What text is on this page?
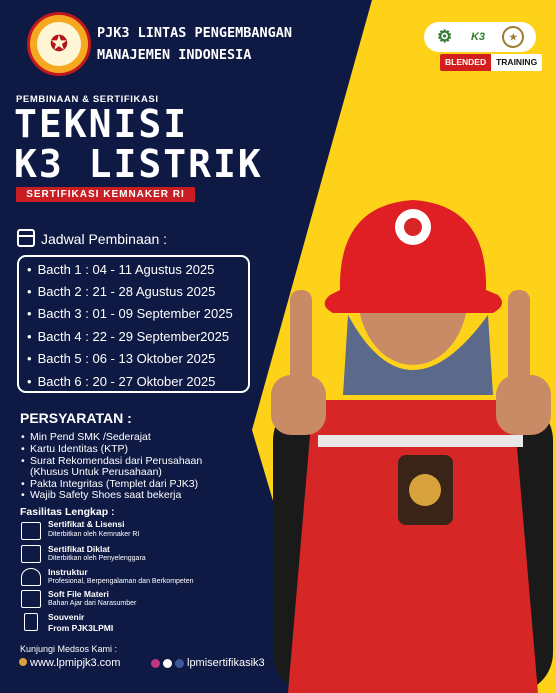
✪	PJK3 LINTAS PENGEMBANGAN
MANAJEMEN INDONESIA
⚙	K3	★
BLENDED	TRAINING
PEMBINAAN & SERTIFIKASI
TEKNISI
K3 LISTRIK
SERTIFIKASI KEMNAKER RI
Jadwal Pembinaan :
• Bacth 1 : 04 - 11 Agustus 2025
• Bacth 2 : 21 - 28 Agustus 2025
• Bacth 3 : 01 - 09 September 2025
• Bacth 4 : 22 - 29 September2025
• Bacth 5 : 06 - 13 Oktober 2025
• Bacth 6 : 20 - 27 Oktober 2025
PERSYARATAN :
• Min Pend SMK /Sederajat
• Kartu Identitas (KTP)
• Surat Rekomendasi dari Perusahaan
(Khusus Untuk Perusahaan)
• Pakta Integritas (Templet dari PJK3)
• Wajib Safety Shoes saat bekerja
Fasilitas Lengkap :
Sertifikat & Lisensi
Diterbitkan oleh Kemnaker RI
Sertifikat Diklat
Diterbitkan oleh Penyelenggara
Instruktur
Profesional, Berpengalaman dan Berkompeten
Soft File Materi
Bahan Ajar dari Narasumber
Souvenir
From PJK3LPMI
Kunjungi Medsos Kami :
www.lpmipjk3.com	lpmisertifikasik3
